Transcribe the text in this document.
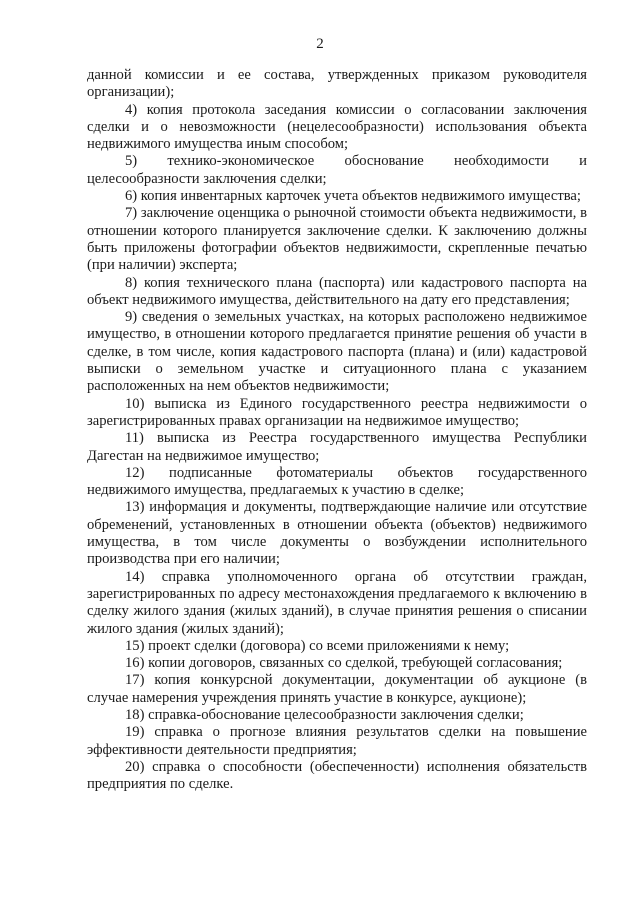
2

данной комиссии и ее состава, утвержденных приказом руководителя организации);

4) копия протокола заседания комиссии о согласовании заключения сделки и о невозможности (нецелесообразности) использования объекта недвижимого имущества иным способом;

5) технико-экономическое обоснование необходимости и целесообразности заключения сделки;

6) копия инвентарных карточек учета объектов недвижимого имущества;

7) заключение оценщика о рыночной стоимости объекта недвижимости, в отношении которого планируется заключение сделки. К заключению должны быть приложены фотографии объектов недвижимости, скрепленные печатью (при наличии) эксперта;

8) копия технического плана (паспорта) или кадастрового паспорта на объект недвижимого имущества, действительного на дату его представления;

9) сведения о земельных участках, на которых расположено недвижимое имущество, в отношении которого предлагается принятие решения об участи в сделке, в том числе, копия кадастрового паспорта (плана) и (или) кадастровой выписки о земельном участке и ситуационного плана с указанием расположенных на нем объектов недвижимости;

10) выписка из Единого государственного реестра недвижимости о зарегистрированных правах организации на недвижимое имущество;

11) выписка из Реестра государственного имущества Республики Дагестан на недвижимое имущество;

12) подписанные фотоматериалы объектов государственного недвижимого имущества, предлагаемых к участию в сделке;

13) информация и документы, подтверждающие наличие или отсутствие обременений, установленных в отношении объекта (объектов) недвижимого имущества, в том числе документы о возбуждении исполнительного производства при его наличии;

14) справка уполномоченного органа об отсутствии граждан, зарегистрированных по адресу местонахождения предлагаемого к включению в сделку жилого здания (жилых зданий), в случае принятия решения о списании жилого здания (жилых зданий);

15) проект сделки (договора) со всеми приложениями к нему;

16) копии договоров, связанных со сделкой, требующей согласования;

17) копия конкурсной документации, документации об аукционе (в случае намерения учреждения принять участие в конкурсе, аукционе);

18) справка-обоснование целесообразности заключения сделки;

19) справка о прогнозе влияния результатов сделки на повышение эффективности деятельности предприятия;

20) справка о способности (обеспеченности) исполнения обязательств предприятия по сделке.
